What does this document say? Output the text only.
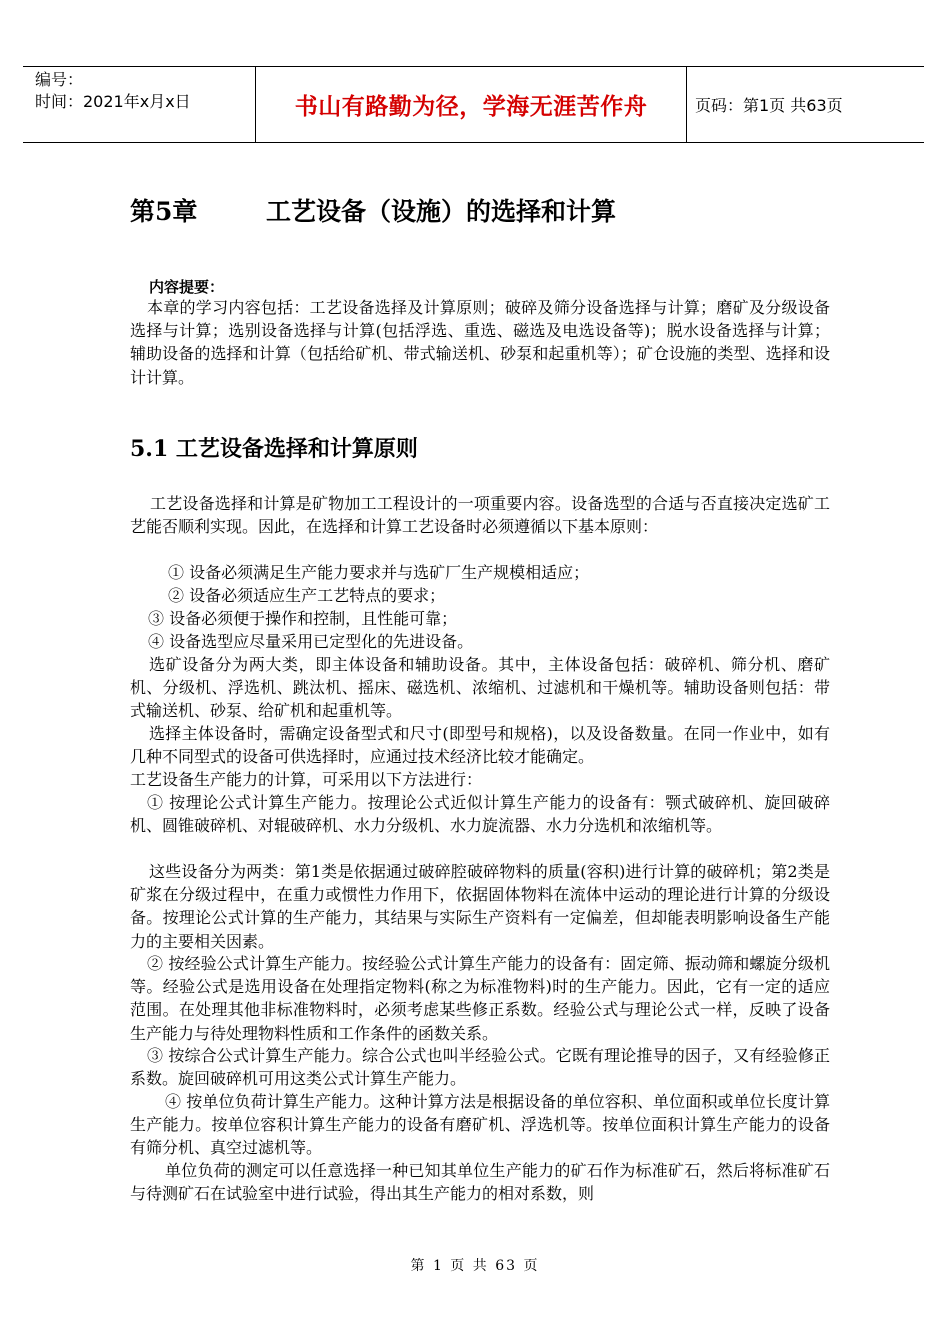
编号：
时间：2021年x月x日	书山有路勤为径，学海无涯苦作舟	页码：第1页 共63页
第5章	工艺设备（设施）的选择和计算
内容提要：

本章的学习内容包括：工艺设备选择及计算原则；破碎及筛分设备选择与计算；磨矿及分级设备选择与计算；选别设备选择与计算(包括浮选、重选、磁选及电选设备等)；脱水设备选择与计算；辅助设备的选择和计算（包括给矿机、带式输送机、砂泵和起重机等）；矿仓设施的类型、选择和设计计算。

5.1 工艺设备选择和计算原则

工艺设备选择和计算是矿物加工工程设计的一项重要内容。设备选型的合适与否直接决定选矿工艺能否顺利实现。因此，在选择和计算工艺设备时必须遵循以下基本原则：

① 设备必须满足生产能力要求并与选矿厂生产规模相适应；
② 设备必须适应生产工艺特点的要求；
③ 设备必须便于操作和控制，且性能可靠；
④ 设备选型应尽量采用已定型化的先进设备。

选矿设备分为两大类，即主体设备和辅助设备。其中，主体设备包括：破碎机、筛分机、磨矿机、分级机、浮选机、跳汰机、摇床、磁选机、浓缩机、过滤机和干燥机等。辅助设备则包括：带式输送机、砂泵、给矿机和起重机等。

选择主体设备时，需确定设备型式和尺寸(即型号和规格)，以及设备数量。在同一作业中，如有几种不同型式的设备可供选择时，应通过技术经济比较才能确定。

工艺设备生产能力的计算，可采用以下方法进行：

① 按理论公式计算生产能力。按理论公式近似计算生产能力的设备有：颚式破碎机、旋回破碎机、圆锥破碎机、对辊破碎机、水力分级机、水力旋流器、水力分选机和浓缩机等。

这些设备分为两类：第1类是依据通过破碎腔破碎物料的质量(容积)进行计算的破碎机；第2类是矿浆在分级过程中，在重力或惯性力作用下，依据固体物料在流体中运动的理论进行计算的分级设备。按理论公式计算的生产能力，其结果与实际生产资料有一定偏差，但却能表明影响设备生产能力的主要相关因素。

② 按经验公式计算生产能力。按经验公式计算生产能力的设备有：固定筛、振动筛和螺旋分级机等。经验公式是选用设备在处理指定物料(称之为标准物料)时的生产能力。因此，它有一定的适应范围。在处理其他非标准物料时，必须考虑某些修正系数。经验公式与理论公式一样，反映了设备生产能力与待处理物料性质和工作条件的函数关系。

③ 按综合公式计算生产能力。综合公式也叫半经验公式。它既有理论推导的因子，又有经验修正系数。旋回破碎机可用这类公式计算生产能力。

④ 按单位负荷计算生产能力。这种计算方法是根据设备的单位容积、单位面积或单位长度计算生产能力。按单位容积计算生产能力的设备有磨矿机、浮选机等。按单位面积计算生产能力的设备有筛分机、真空过滤机等。

单位负荷的测定可以任意选择一种已知其单位生产能力的矿石作为标准矿石，然后将标准矿石与待测矿石在试验室中进行试验，得出其生产能力的相对系数，则

第 1 页 共 63 页
